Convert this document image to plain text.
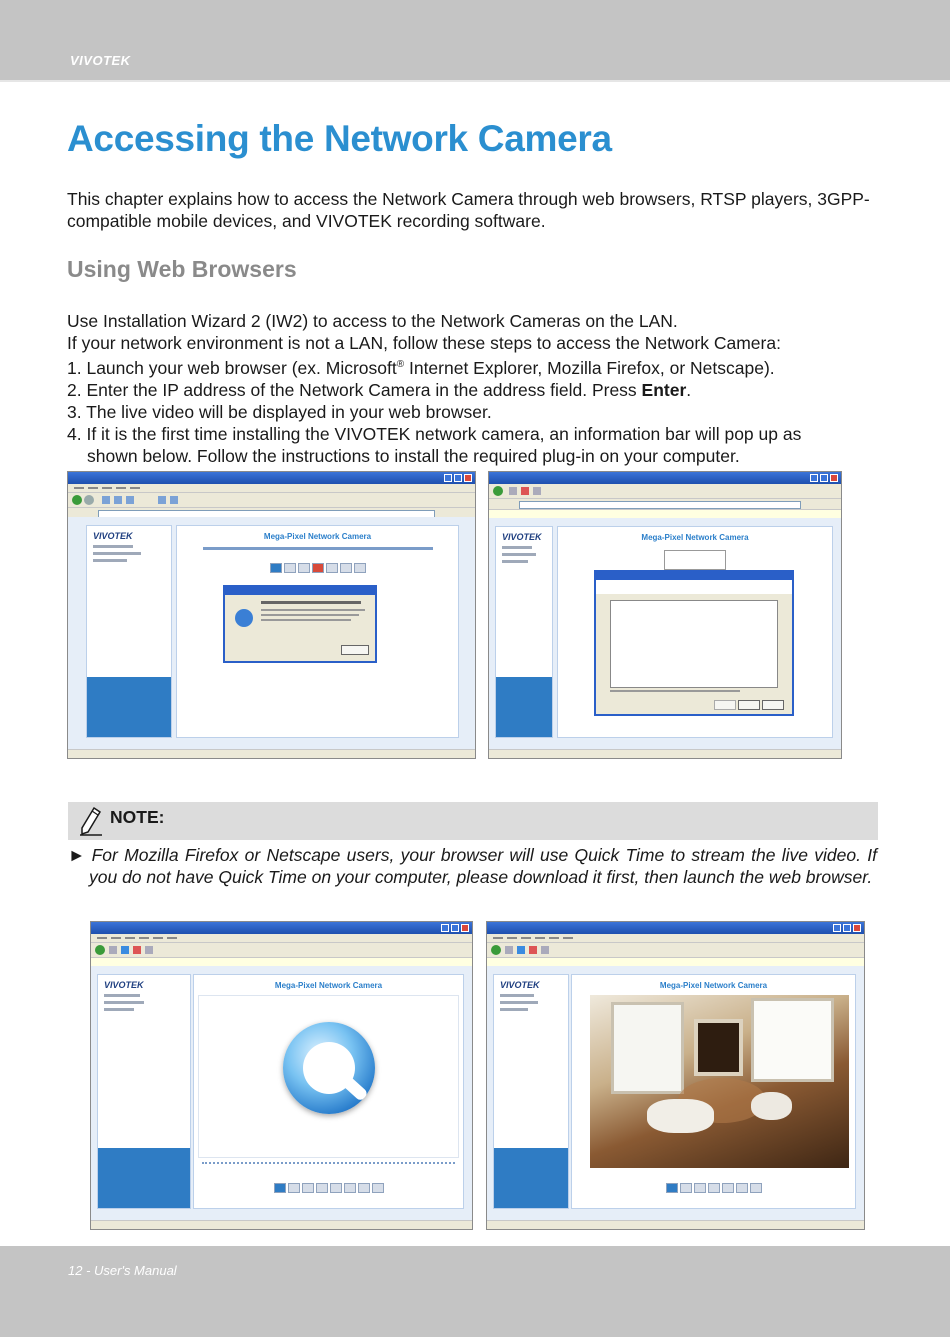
VIVOTEK
Accessing the Network Camera

This chapter explains how to access the Network Camera through web browsers, RTSP players, 3GPP-compatible mobile devices, and VIVOTEK recording software.

Using Web Browsers

Use Installation Wizard 2 (IW2) to access to the Network Cameras on the LAN.

If your network environment is not a LAN, follow these steps to access the Network Camera:

1. Launch your web browser (ex. Microsoft® Internet Explorer, Mozilla Firefox, or Netscape).

2. Enter the IP address of the Network Camera in the address field. Press Enter.

3. The live video will be displayed in your web browser.

4. If it is the first time installing the VIVOTEK network camera, an information bar will pop up as

shown below. Follow the instructions to install the required plug-in on your computer.

VIVOTEK	Mega-Pixel Network Camera	VIVOTEK	Mega-Pixel Network Camera
NOTE:

► For Mozilla Firefox or Netscape users, your browser will use Quick Time to stream the live video. If you do not have Quick Time on your computer, please download it first, then launch the web browser.

VIVOTEK	Mega-Pixel Network Camera	VIVOTEK	Mega-Pixel Network Camera
12 - User's Manual
